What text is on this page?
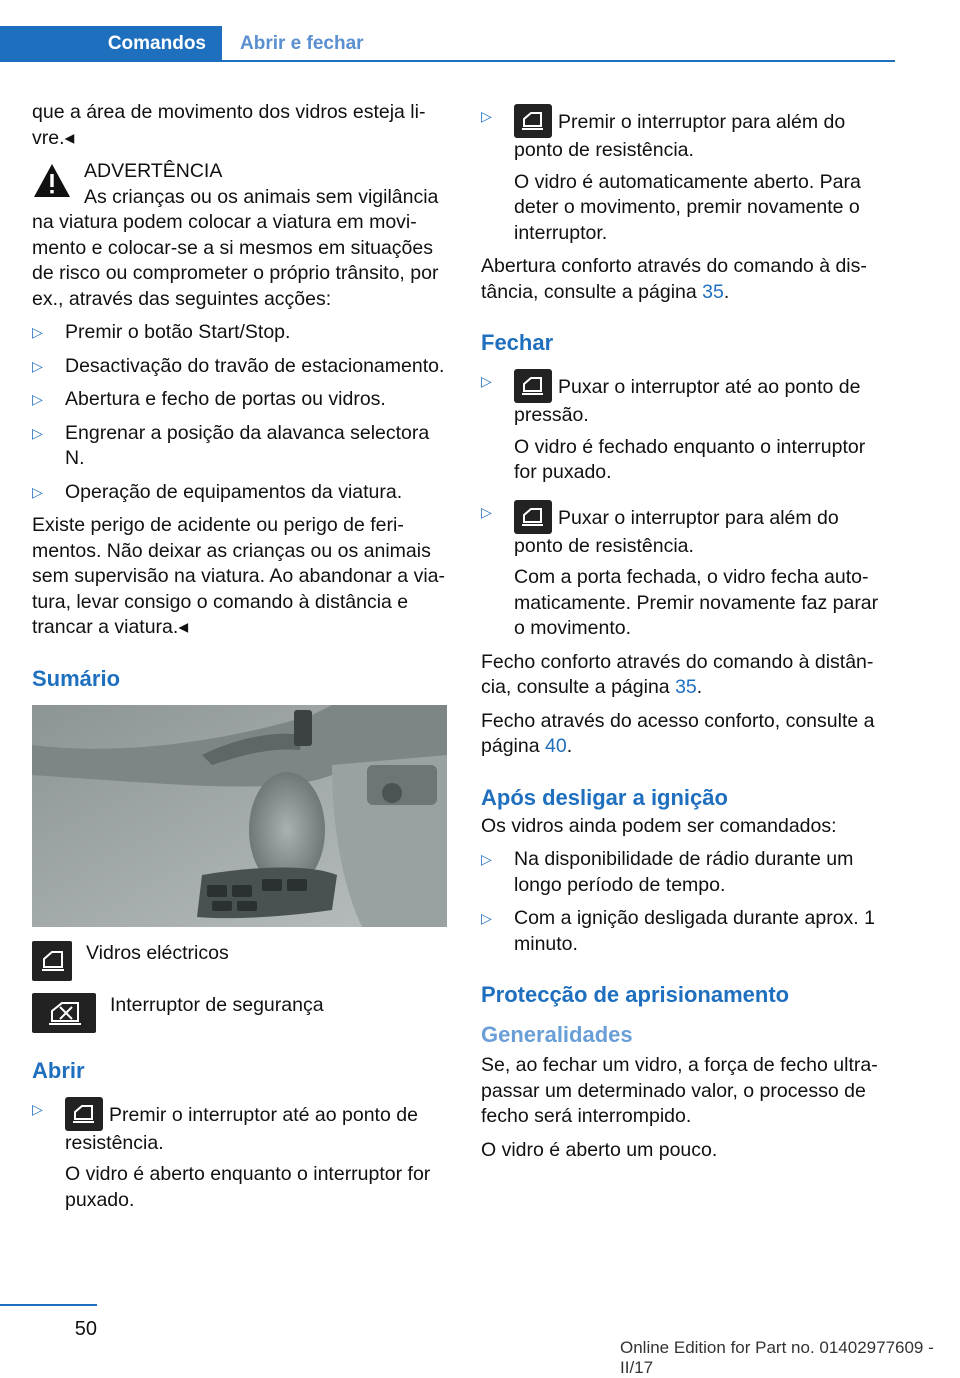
Comandos Abrir e fechar

que a área de movimento dos vidros esteja livre.◂

ADVERTÊNCIA
As crianças ou os animais sem vigilância

na viatura podem colocar a viatura em movimento e colocar-se a si mesmos em situações de risco ou comprometer o próprio trânsito, por ex., através das seguintes acções:

▷ Premir o botão Start/Stop.
▷ Desactivação do travão de estacionamento.
▷ Abertura e fecho de portas ou vidros.
▷ Engrenar a posição da alavanca selectora N.
▷ Operação de equipamentos da viatura.

Existe perigo de acidente ou perigo de ferimentos. Não deixar as crianças ou os animais sem supervisão na viatura. Ao abandonar a viatura, levar consigo o comando à distância e trancar a viatura.◂

Sumário
Vidros eléctricos
Interruptor de segurança
Abrir
▷	Premir o interruptor até ao ponto de resistência.
O vidro é aberto enquanto o interruptor for puxado.
▷	Premir o interruptor para além do ponto de resistência.
O vidro é automaticamente aberto. Para deter o movimento, premir novamente o interruptor.

Abertura conforto através do comando à distância, consulte a página 35.

Fechar
▷	Puxar o interruptor até ao ponto de pressão.
O vidro é fechado enquanto o interruptor for puxado.
▷	Puxar o interruptor para além do ponto de resistência.
Com a porta fechada, o vidro fecha automaticamente. Premir novamente faz parar o movimento.

Fecho conforto através do comando à distância, consulte a página 35.

Fecho através do acesso conforto, consulte a página 40.

Após desligar a ignição

Os vidros ainda podem ser comandados:

▷ Na disponibilidade de rádio durante um longo período de tempo.
▷ Com a ignição desligada durante aprox. 1 minuto.
Protecção de aprisionamento
Generalidades

Se, ao fechar um vidro, a força de fecho ultrapassar um determinado valor, o processo de fecho será interrompido.

O vidro é aberto um pouco.

50
Online Edition for Part no. 01402977609 - II/17
